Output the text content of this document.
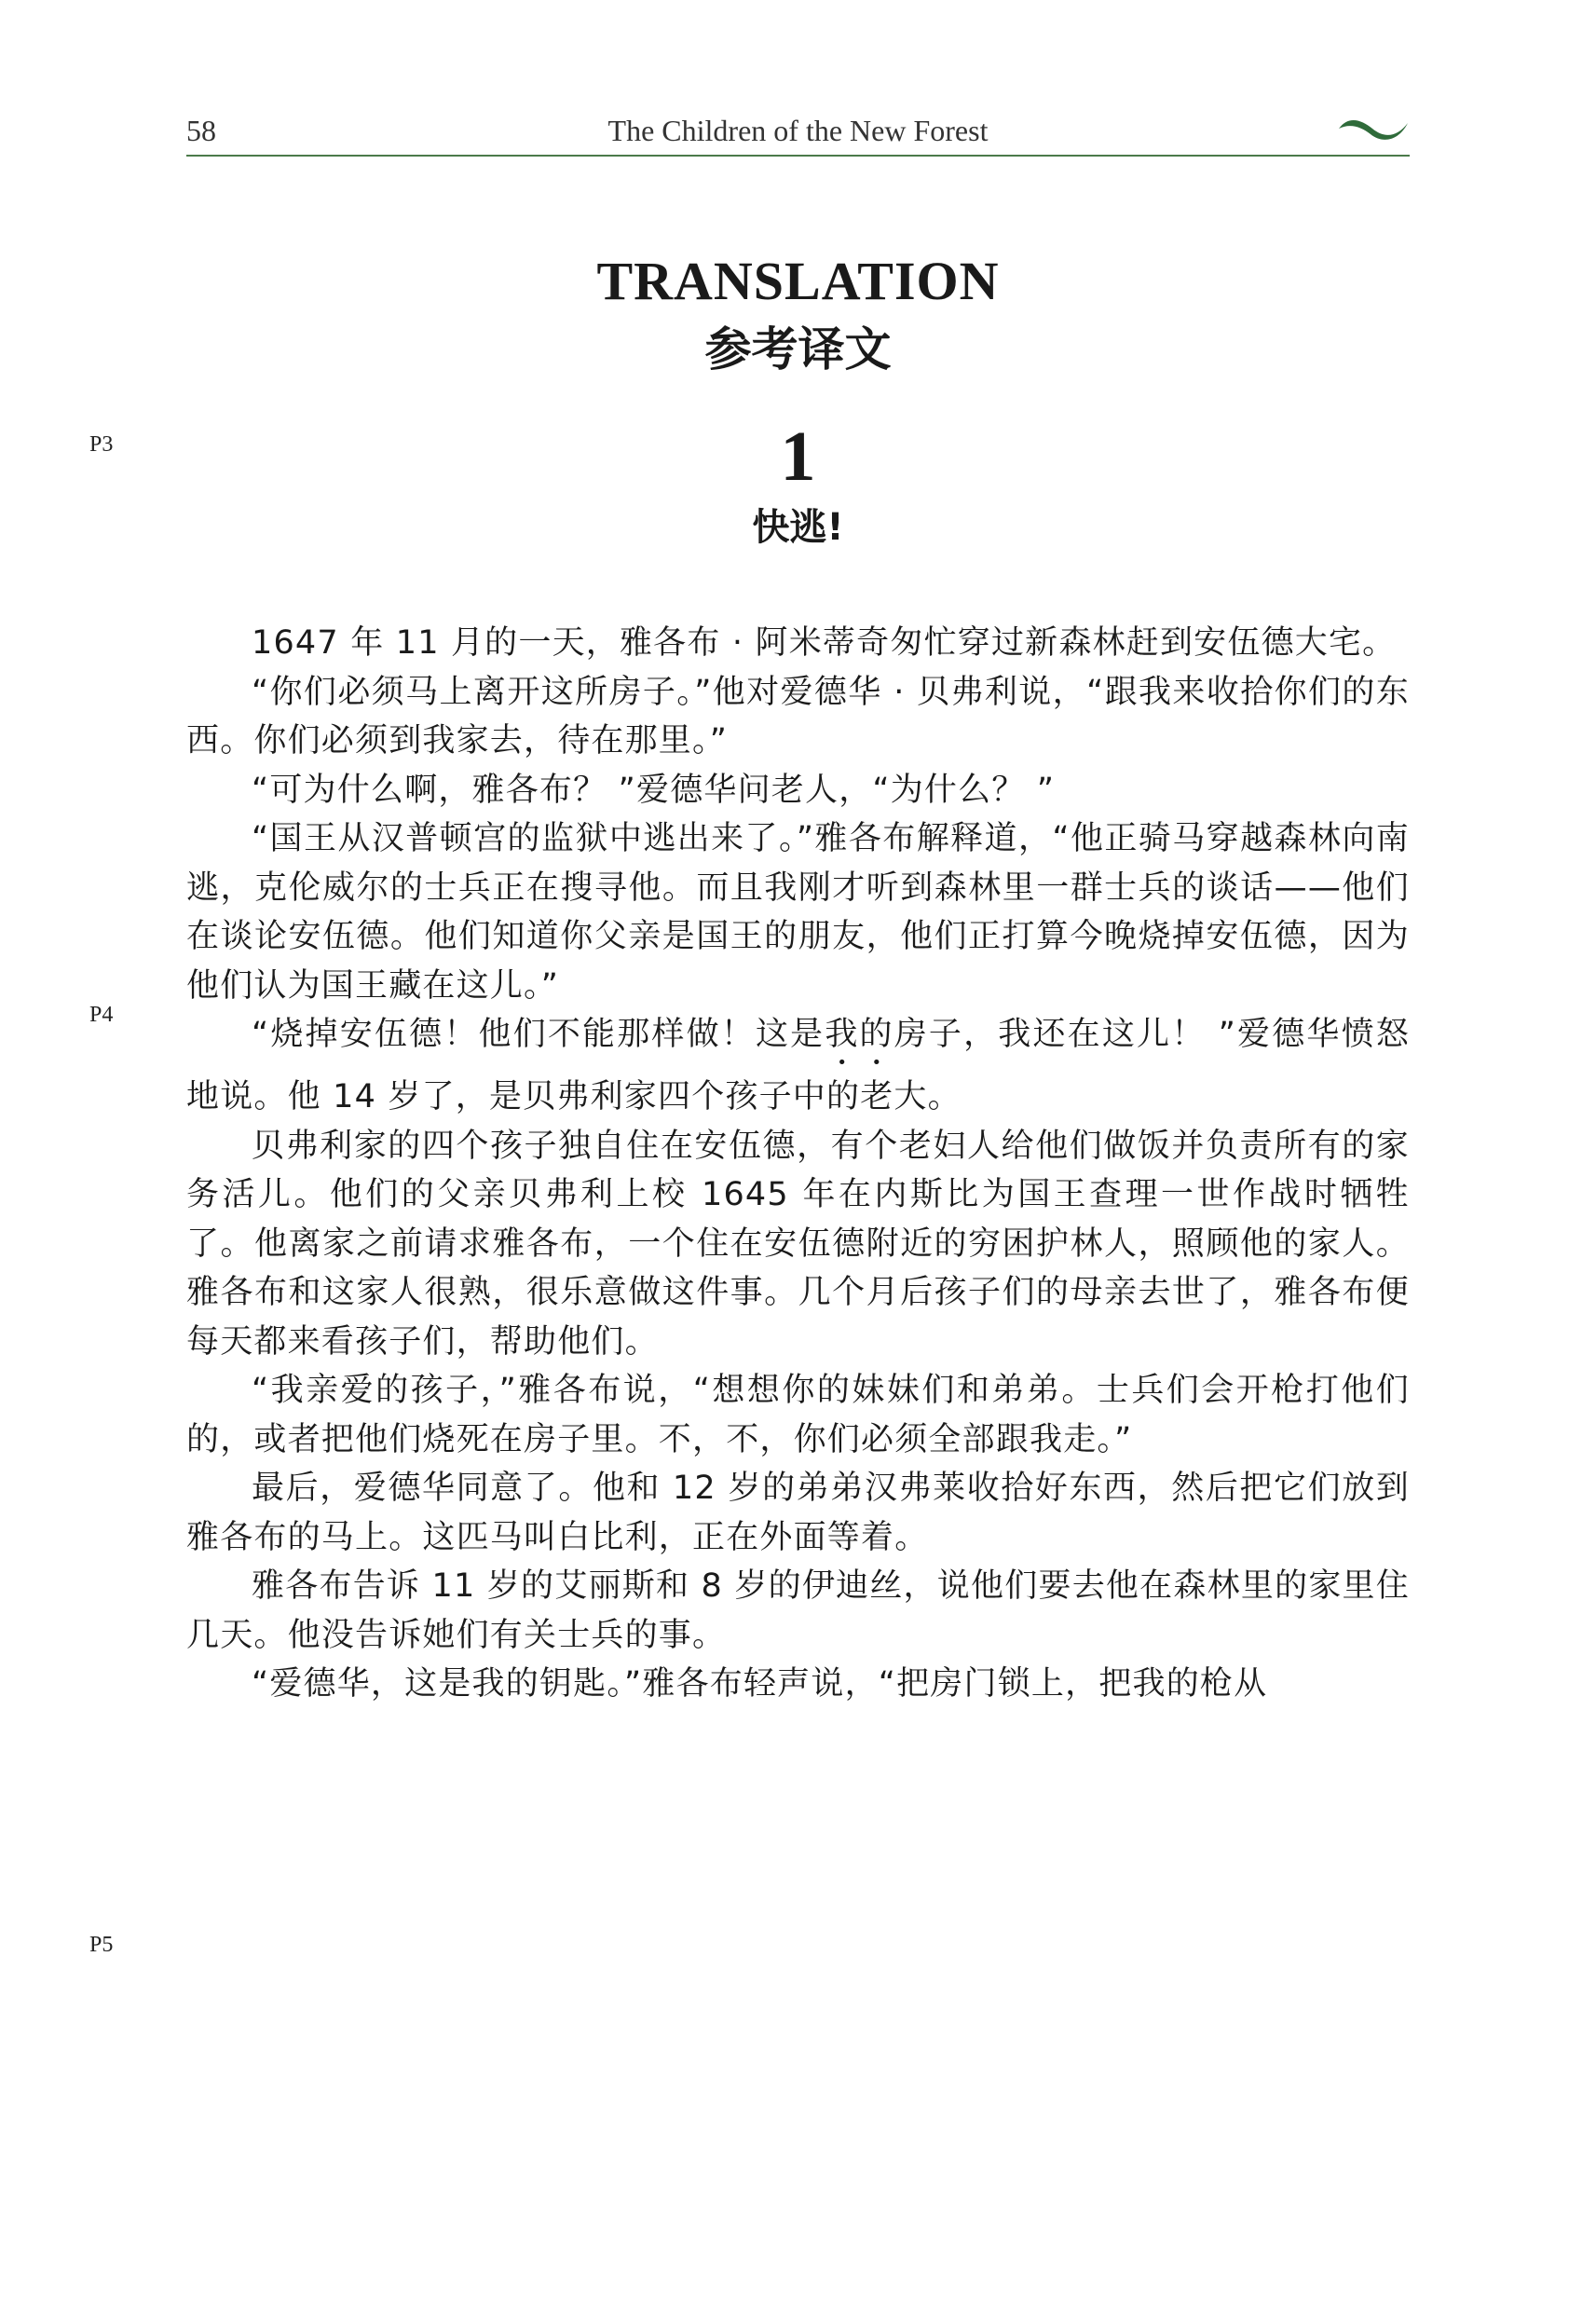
58	The Children of the New Forest
TRANSLATION
参考译文
1
快逃!
P3
P4
P5

1647 年 11 月的一天，雅各布 · 阿米蒂奇匆忙穿过新森林赶到安伍德大宅。

“你们必须马上离开这所房子。”他对爱德华 · 贝弗利说，“跟我来收拾你们的东西。你们必须到我家去，待在那里。”

“可为什么啊，雅各布？ ”爱德华问老人，“为什么？ ”

“国王从汉普顿宫的监狱中逃出来了。”雅各布解释道，“他正骑马穿越森林向南逃，克伦威尔的士兵正在搜寻他。而且我刚才听到森林里一群士兵的谈话——他们在谈论安伍德。他们知道你父亲是国王的朋友，他们正打算今晚烧掉安伍德，因为他们认为国王藏在这儿。”

“烧掉安伍德！他们不能那样做！这是我的房子，我还在这儿！ ”爱德华愤怒地说。他 14 岁了，是贝弗利家四个孩子中的老大。

贝弗利家的四个孩子独自住在安伍德，有个老妇人给他们做饭并负责所有的家务活儿。他们的父亲贝弗利上校 1645 年在内斯比为国王查理一世作战时牺牲了。他离家之前请求雅各布，一个住在安伍德附近的穷困护林人，照顾他的家人。雅各布和这家人很熟，很乐意做这件事。几个月后孩子们的母亲去世了，雅各布便每天都来看孩子们，帮助他们。

“我亲爱的孩子，”雅各布说，“想想你的妹妹们和弟弟。士兵们会开枪打他们的，或者把他们烧死在房子里。不，不，你们必须全部跟我走。”

最后，爱德华同意了。他和 12 岁的弟弟汉弗莱收拾好东西，然后把它们放到雅各布的马上。这匹马叫白比利，正在外面等着。

雅各布告诉 11 岁的艾丽斯和 8 岁的伊迪丝，说他们要去他在森林里的家里住几天。他没告诉她们有关士兵的事。

“爱德华，这是我的钥匙。”雅各布轻声说，“把房门锁上，把我的枪从
